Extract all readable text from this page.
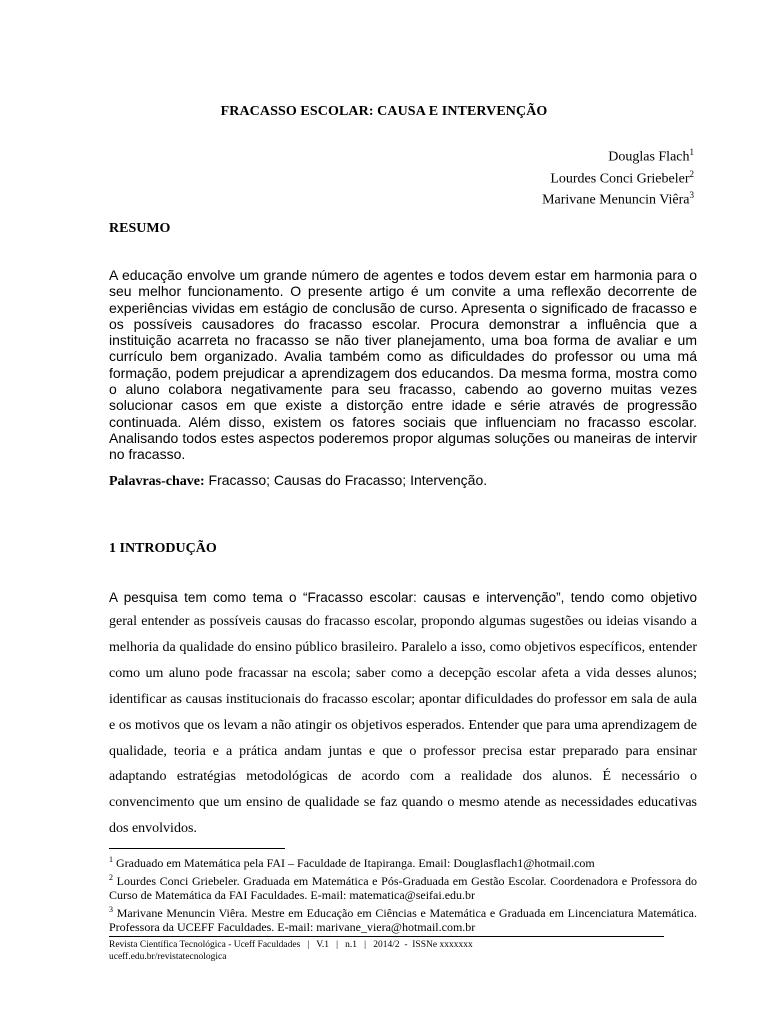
FRACASSO ESCOLAR: CAUSA E INTERVENÇÃO
Douglas Flach$^1$
Lourdes Conci Griebeler$^2$
Marivane Menuncin Viêra$^3$
RESUMO
A educação envolve um grande número de agentes e todos devem estar em harmonia para o seu melhor funcionamento. O presente artigo é um convite a uma reflexão decorrente de experiências vividas em estágio de conclusão de curso. Apresenta o significado de fracasso e os possíveis causadores do fracasso escolar. Procura demonstrar a influência que a instituição acarreta no fracasso se não tiver planejamento, uma boa forma de avaliar e um currículo bem organizado. Avalia também como as dificuldades do professor ou uma má formação, podem prejudicar a aprendizagem dos educandos. Da mesma forma, mostra como o aluno colabora negativamente para seu fracasso, cabendo ao governo muitas vezes solucionar casos em que existe a distorção entre idade e série através de progressão continuada. Além disso, existem os fatores sociais que influenciam no fracasso escolar. Analisando todos estes aspectos poderemos propor algumas soluções ou maneiras de intervir no fracasso.
Palavras-chave: Fracasso; Causas do Fracasso; Intervenção.
1 INTRODUÇÃO
A pesquisa tem como tema o “Fracasso escolar: causas e intervenção”, tendo como objetivo
geral entender as possíveis causas do fracasso escolar, propondo algumas sugestões ou ideias visando a melhoria da qualidade do ensino público brasileiro. Paralelo a isso, como objetivos específicos, entender como um aluno pode fracassar na escola; saber como a decepção escolar afeta a vida desses alunos; identificar as causas institucionais do fracasso escolar; apontar dificuldades do professor em sala de aula e os motivos que os levam a não atingir os objetivos esperados. Entender que para uma aprendizagem de qualidade, teoria e a prática andam juntas e que o professor precisa estar preparado para ensinar adaptando estratégias metodológicas de acordo com a realidade dos alunos. É necessário o convencimento que um ensino de qualidade se faz quando o mesmo atende as necessidades educativas dos envolvidos.

$^1$ Graduado em Matemática pela FAI – Faculdade de Itapiranga. Email: Douglasflach1@hotmail.com

$^2$ Lourdes Conci Griebeler. Graduada em Matemática e Pós-Graduada em Gestão Escolar. Coordenadora e Professora do Curso de Matemática da FAI Faculdades. E-mail: matematica@seifai.edu.br

$^3$ Marivane Menuncin Viêra. Mestre em Educação em Ciências e Matemática e Graduada em Lincenciatura Matemática. Professora da UCEFF Faculdades. E-mail: marivane_viera@hotmail.com.br

Revista Científica Tecnológica - Uceff Faculdades   |   V.1   |   n.1   |   2014/2  -  ISSNe xxxxxxx
uceff.edu.br/revistatecnologica
